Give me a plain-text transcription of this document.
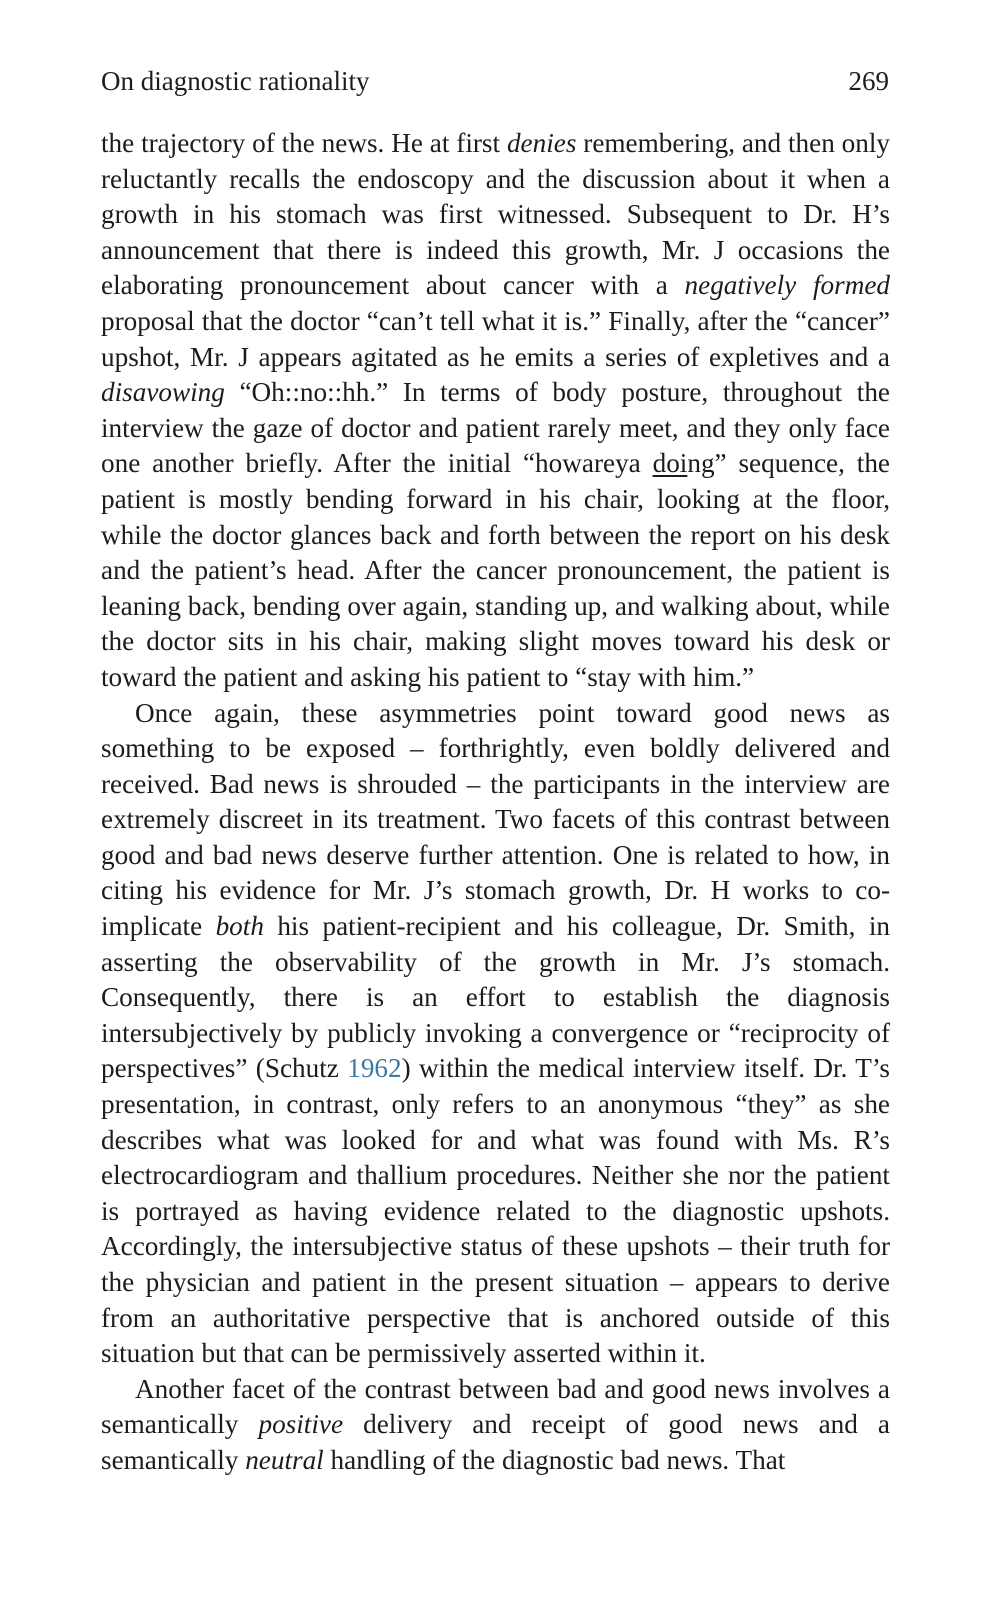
On diagnostic rationality	269

the trajectory of the news. He at first denies remembering, and then only reluctantly recalls the endoscopy and the discussion about it when a growth in his stomach was first witnessed. Subsequent to Dr. H’s announcement that there is indeed this growth, Mr. J occasions the elaborating pronouncement about cancer with a negatively formed proposal that the doctor “can’t tell what it is.” Finally, after the “cancer” upshot, Mr. J appears agitated as he emits a series of expletives and a disavowing “Oh::no::hh.” In terms of body posture, throughout the interview the gaze of doctor and patient rarely meet, and they only face one another briefly. After the initial “howareya doing” sequence, the patient is mostly bending forward in his chair, looking at the floor, while the doctor glances back and forth between the report on his desk and the patient’s head. After the cancer pronouncement, the patient is leaning back, bending over again, standing up, and walking about, while the doctor sits in his chair, making slight moves toward his desk or toward the patient and asking his patient to “stay with him.”

Once again, these asymmetries point toward good news as something to be exposed – forthrightly, even boldly delivered and received. Bad news is shrouded – the participants in the interview are extremely discreet in its treatment. Two facets of this contrast between good and bad news deserve further attention. One is related to how, in citing his evidence for Mr. J’s stomach growth, Dr. H works to co-implicate both his patient-recipient and his colleague, Dr. Smith, in asserting the observability of the growth in Mr. J’s stomach. Consequently, there is an effort to establish the diagnosis intersubjectively by publicly invoking a convergence or “reciprocity of perspectives” (Schutz 1962) within the medical interview itself. Dr. T’s presentation, in contrast, only refers to an anonymous “they” as she describes what was looked for and what was found with Ms. R’s electrocardiogram and thallium procedures. Neither she nor the patient is portrayed as having evidence related to the diagnostic upshots. Accordingly, the intersubjective status of these upshots – their truth for the physician and patient in the present situation – appears to derive from an authoritative perspective that is anchored outside of this situation but that can be permissively asserted within it.

Another facet of the contrast between bad and good news involves a semantically positive delivery and receipt of good news and a semantically neutral handling of the diagnostic bad news. That
